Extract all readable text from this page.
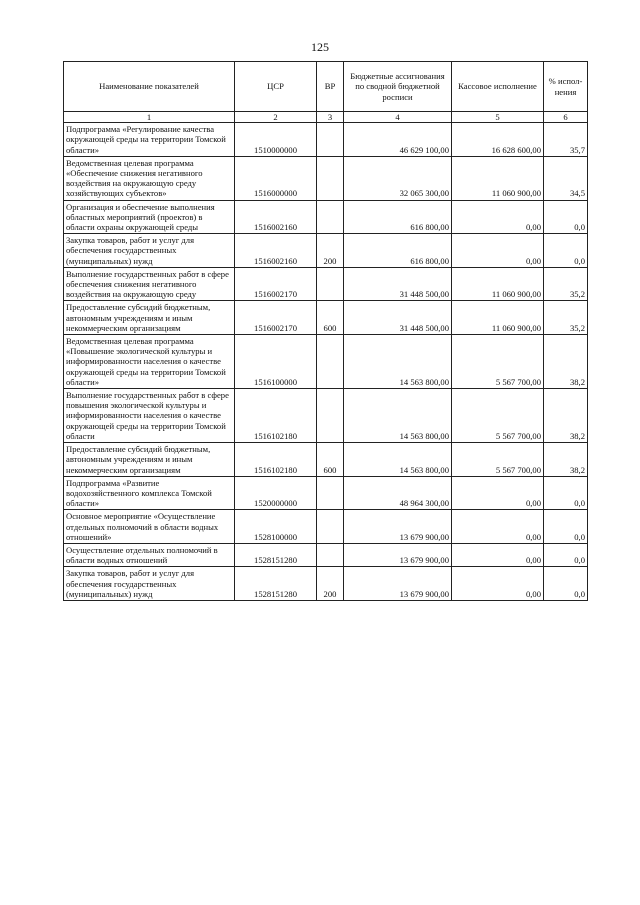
125
Наименование показателей	ЦСР	ВР	Бюджетные ассигнования по сводной бюджетной росписи	Кассовое исполнение	% испол-нения
1	2	3	4	5	6
Подпрограмма «Регулирование качества окружающей среды на территории Томской области»	1510000000		46 629 100,00	16 628 600,00	35,7
Ведомственная целевая программа «Обеспечение снижения негативного воздействия на окружающую среду хозяйствующих субъектов»	1516000000		32 065 300,00	11 060 900,00	34,5
Организация и обеспечение выполнения областных мероприятий (проектов) в области охраны окружающей среды	1516002160		616 800,00	0,00	0,0
Закупка товаров, работ и услуг для обеспечения государственных (муниципальных) нужд	1516002160	200	616 800,00	0,00	0,0
Выполнение государственных работ в сфере обеспечения снижения негативного воздействия на окружающую среду	1516002170		31 448 500,00	11 060 900,00	35,2
Предоставление субсидий бюджетным, автономным учреждениям и иным некоммерческим организациям	1516002170	600	31 448 500,00	11 060 900,00	35,2
Ведомственная целевая программа «Повышение экологической культуры и информированности населения о качестве окружающей среды на территории Томской области»	1516100000		14 563 800,00	5 567 700,00	38,2
Выполнение государственных работ в сфере повышения экологической культуры и информированности населения о качестве окружающей среды на территории Томской области	1516102180		14 563 800,00	5 567 700,00	38,2
Предоставление субсидий бюджетным, автономным учреждениям и иным некоммерческим организациям	1516102180	600	14 563 800,00	5 567 700,00	38,2
Подпрограмма «Развитие водохозяйственного комплекса Томской области»	1520000000		48 964 300,00	0,00	0,0
Основное мероприятие «Осуществление отдельных полномочий в области водных отношений»	1528100000		13 679 900,00	0,00	0,0
Осуществление отдельных полномочий в области водных отношений	1528151280		13 679 900,00	0,00	0,0
Закупка товаров, работ и услуг для обеспечения государственных (муниципальных) нужд	1528151280	200	13 679 900,00	0,00	0,0
